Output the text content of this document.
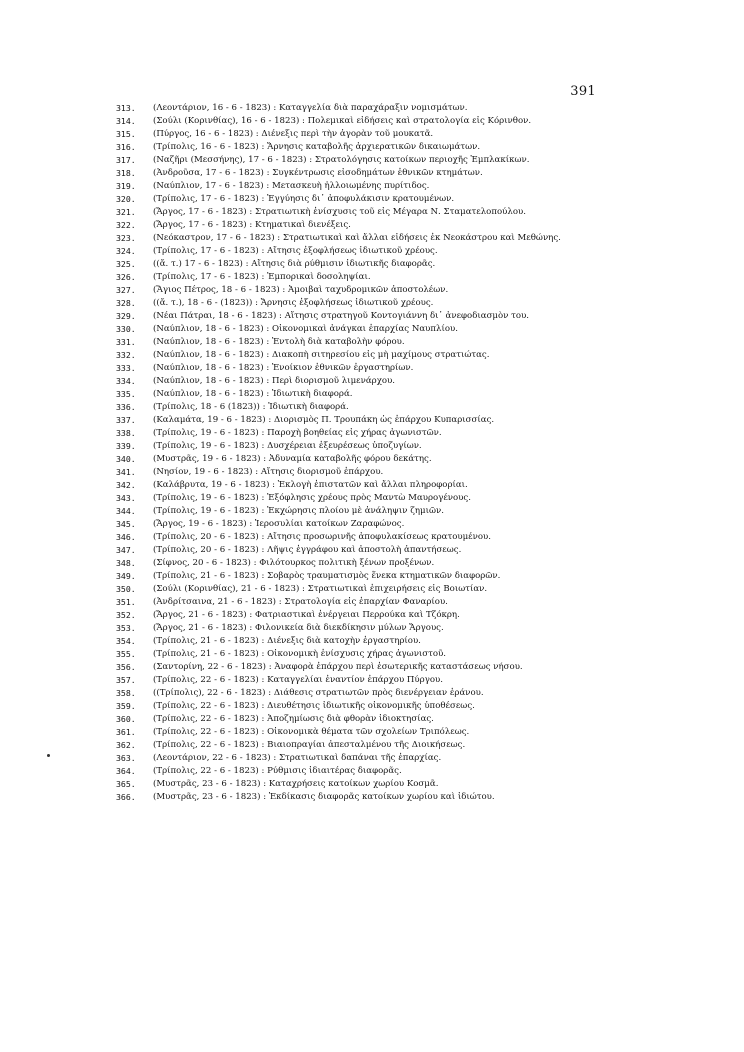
391
313.	(Λεοντάριον, 16 - 6 - 1823) : Καταγγελία διὰ παραχάραξιν νομισμάτων.
314.	(Σούλι (Κορινθίας), 16 - 6 - 1823) : Πολεμικαὶ εἰδήσεις καὶ στρατολογία εἰς Κόρινθον.
315.	(Πύργος, 16 - 6 - 1823) : Διένεξις περὶ τὴν ἀγορὰν τοῦ μουκατᾶ.
316.	(Τρίπολις, 16 - 6 - 1823) : Ἄρνησις καταβολῆς ἀρχιερατικῶν δικαιωμάτων.
317.	(Ναζῆρι (Μεσσήνης), 17 - 6 - 1823) : Στρατολόγησις κατοίκων περιοχῆς Ἐμπλακίκων.
318.	(Ἀνδροῦσα, 17 - 6 - 1823) : Συγκέντρωσις εἰσοδημάτων ἐθνικῶν κτημάτων.
319.	(Ναύπλιον, 17 - 6 - 1823) : Μετασκευὴ ἠλλοιωμένης πυρίτιδος.
320.	(Τρίπολις, 17 - 6 - 1823) : Ἐγγύησις δι᾽ ἀποφυλάκισιν κρατουμένων.
321.	(Ἄργος, 17 - 6 - 1823) : Στρατιωτικὴ ἐνίσχυσις τοῦ εἰς Μέγαρα Ν. Σταματελοπούλου.
322.	(Ἄργος, 17 - 6 - 1823) : Κτηματικαὶ διενέξεις.
323.	(Νεόκαστρον, 17 - 6 - 1823) : Στρατιωτικαὶ καὶ ἄλλαι εἰδήσεις ἐκ Νεοκάστρου καὶ Μεθώνης.
324.	(Τρίπολις, 17 - 6 - 1823) : Αἴτησις ἐξοφλήσεως ἰδιωτικοῦ χρέους.
325.	((ἄ. τ.) 17 - 6 - 1823) : Αἴτησις διὰ ρύθμισιν ἰδιωτικῆς διαφορᾶς.
326.	(Τρίπολις, 17 - 6 - 1823) : Ἐμπορικαὶ δοσοληψίαι.
327.	(Ἅγιος Πέτρος, 18 - 6 - 1823) : Ἀμοιβαὶ ταχυδρομικῶν ἀποστολέων.
328.	((ἄ. τ.), 18 - 6 - (1823)) : Ἄρνησις ἐξοφλήσεως ἰδιωτικοῦ χρέους.
329.	(Νέαι Πάτραι, 18 - 6 - 1823) : Αἴτησις στρατηγοῦ Κοντογιάννη δι᾽ ἀνεφοδιασμὸν του.
330.	(Ναύπλιον, 18 - 6 - 1823) : Οἰκονομικαὶ ἀνάγκαι ἐπαρχίας Ναυπλίου.
331.	(Ναύπλιον, 18 - 6 - 1823) : Ἐντολὴ διὰ καταβολὴν φόρου.
332.	(Ναύπλιον, 18 - 6 - 1823) : Διακοπὴ σιτηρεσίου εἰς μὴ μαχίμους στρατιώτας.
333.	(Ναύπλιον, 18 - 6 - 1823) : Ἐνοίκιον ἐθνικῶν ἐργαστηρίων.
334.	(Ναύπλιον, 18 - 6 - 1823) : Περὶ διορισμοῦ λιμενάρχου.
335.	(Ναύπλιον, 18 - 6 - 1823) : Ἰδιωτικὴ διαφορά.
336.	(Τρίπολις, 18 - 6 (1823)) : Ἰδιωτικὴ διαφορά.
337.	(Καλαμάτα, 19 - 6 - 1823) : Διορισμὸς Π. Τρουπάκη ὡς ἐπάρχου Κυπαρισσίας.
338.	(Τρίπολις, 19 - 6 - 1823) : Παροχὴ βοηθείας εἰς χήρας ἀγωνιστῶν.
339.	(Τρίπολις, 19 - 6 - 1823) : Δυσχέρειαι ἐξευρέσεως ὑποζυγίων.
340.	(Μυστρᾶς, 19 - 6 - 1823) : Ἀδυναμία καταβολῆς φόρου δεκάτης.
341.	(Νησίον, 19 - 6 - 1823) : Αἴτησις διορισμοῦ ἐπάρχου.
342.	(Καλάβρυτα, 19 - 6 - 1823) : Ἐκλογὴ ἐπιστατῶν καὶ ἄλλαι πληροφορίαι.
343.	(Τρίπολις, 19 - 6 - 1823) : Ἐξόφλησις χρέους πρὸς Μαντὼ Μαυρογένους.
344.	(Τρίπολις, 19 - 6 - 1823) : Ἐκχώρησις πλοίου μὲ ἀνάληψιν ζημιῶν.
345.	(Ἄργος, 19 - 6 - 1823) : Ἱεροσυλίαι κατοίκων Ζαραφώνος.
346.	(Τρίπολις, 20 - 6 - 1823) : Αἴτησις προσωρινῆς ἀποφυλακίσεως κρατουμένου.
347.	(Τρίπολις, 20 - 6 - 1823) : Λῆψις ἐγγράφου καὶ ἀποστολὴ ἀπαντήσεως.
348.	(Σίφνος, 20 - 6 - 1823) : Φιλότουρκος πολιτικὴ ξένων προξένων.
349.	(Τρίπολις, 21 - 6 - 1823) : Σοβαρὸς τραυματισμὸς ἕνεκα κτηματικῶν διαφορῶν.
350.	(Σούλι (Κορινθίας), 21 - 6 - 1823) : Στρατιωτικαὶ ἐπιχειρήσεις εἰς Βοιωτίαν.
351.	(Ἀνδρίτσαινα, 21 - 6 - 1823) : Στρατολογία εἰς ἐπαρχίαν Φαναρίου.
352.	(Ἄργος, 21 - 6 - 1823) : Φατριαστικαὶ ἐνέργειαι Περρούκα καὶ Τζόκρη.
353.	(Ἄργος, 21 - 6 - 1823) : Φιλονικεία διὰ διεκδίκησιν μύλων Ἄργους.
354.	(Τρίπολις, 21 - 6 - 1823) : Διένεξις διὰ κατοχὴν ἐργαστηρίου.
355.	(Τρίπολις, 21 - 6 - 1823) : Οἰκονομικὴ ἐνίσχυσις χήρας ἀγωνιστοῦ.
356.	(Σαντορίνη, 22 - 6 - 1823) : Ἀναφορὰ ἐπάρχου περὶ ἐσωτερικῆς καταστάσεως νήσου.
357.	(Τρίπολις, 22 - 6 - 1823) : Καταγγελίαι ἐναντίον ἐπάρχου Πύργου.
358.	((Τρίπολις), 22 - 6 - 1823) : Διάθεσις στρατιωτῶν πρὸς διενέργειαν ἐράνου.
359.	(Τρίπολις, 22 - 6 - 1823) : Διευθέτησις ἰδιωτικῆς οἰκονομικῆς ὑποθέσεως.
360.	(Τρίπολις, 22 - 6 - 1823) : Ἀποζημίωσις διὰ φθορὰν ἰδιοκτησίας.
361.	(Τρίπολις, 22 - 6 - 1823) : Οἰκονομικὰ θέματα τῶν σχολείων Τριπόλεως.
362.	(Τρίπολις, 22 - 6 - 1823) : Βιαιοπραγίαι ἀπεσταλμένου τῆς Διοικήσεως.
363.	(Λεοντάριον, 22 - 6 - 1823) : Στρατιωτικαὶ δαπάναι τῆς ἐπαρχίας.
364.	(Τρίπολις, 22 - 6 - 1823) : Ρύθμισις ἰδιαιτέρας διαφορᾶς.
365.	(Μυστρᾶς, 23 - 6 - 1823) : Καταχρήσεις κατοίκων χωρίου Κοσμᾶ.
366.	(Μυστρᾶς, 23 - 6 - 1823) : Ἐκδίκασις διαφορᾶς κατοίκων χωρίου καὶ ἰδιώτου.
